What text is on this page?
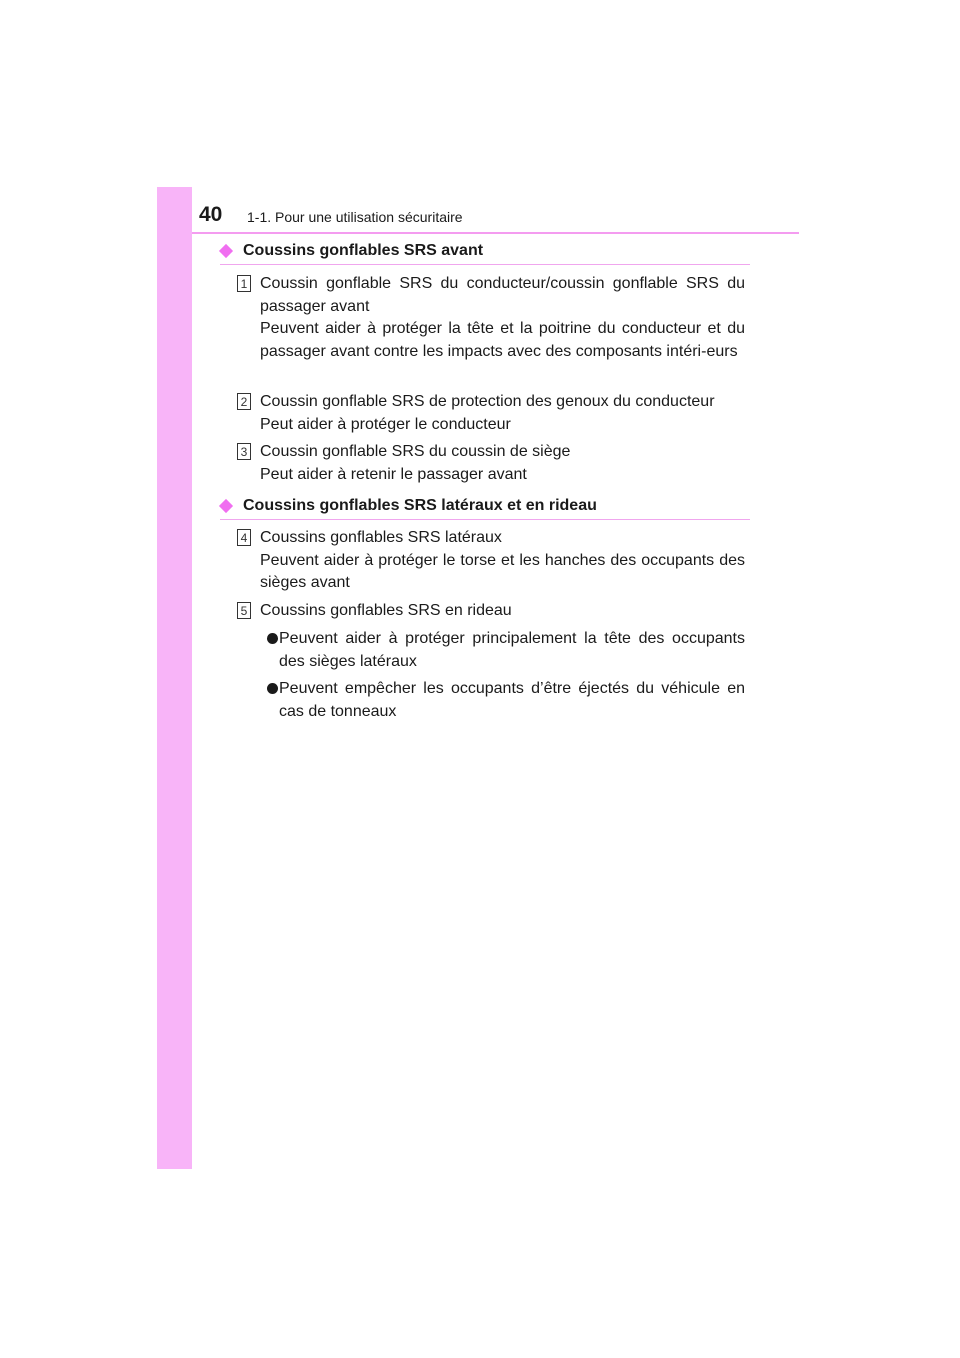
40 1-1. Pour une utilisation sécuritaire
Coussins gonflables SRS avant
1 Coussin gonflable SRS du conducteur/coussin gonflable SRS du passager avant
Peuvent aider à protéger la tête et la poitrine du conducteur et du passager avant contre les impacts avec des composants intéri-eurs
2 Coussin gonflable SRS de protection des genoux du conducteur
Peut aider à protéger le conducteur
3 Coussin gonflable SRS du coussin de siège
Peut aider à retenir le passager avant
Coussins gonflables SRS latéraux et en rideau
4 Coussins gonflables SRS latéraux
Peuvent aider à protéger le torse et les hanches des occupants des sièges avant
5 Coussins gonflables SRS en rideau
Peuvent aider à protéger principalement la tête des occupants des sièges latéraux
Peuvent empêcher les occupants d’être éjectés du véhicule en cas de tonneaux
